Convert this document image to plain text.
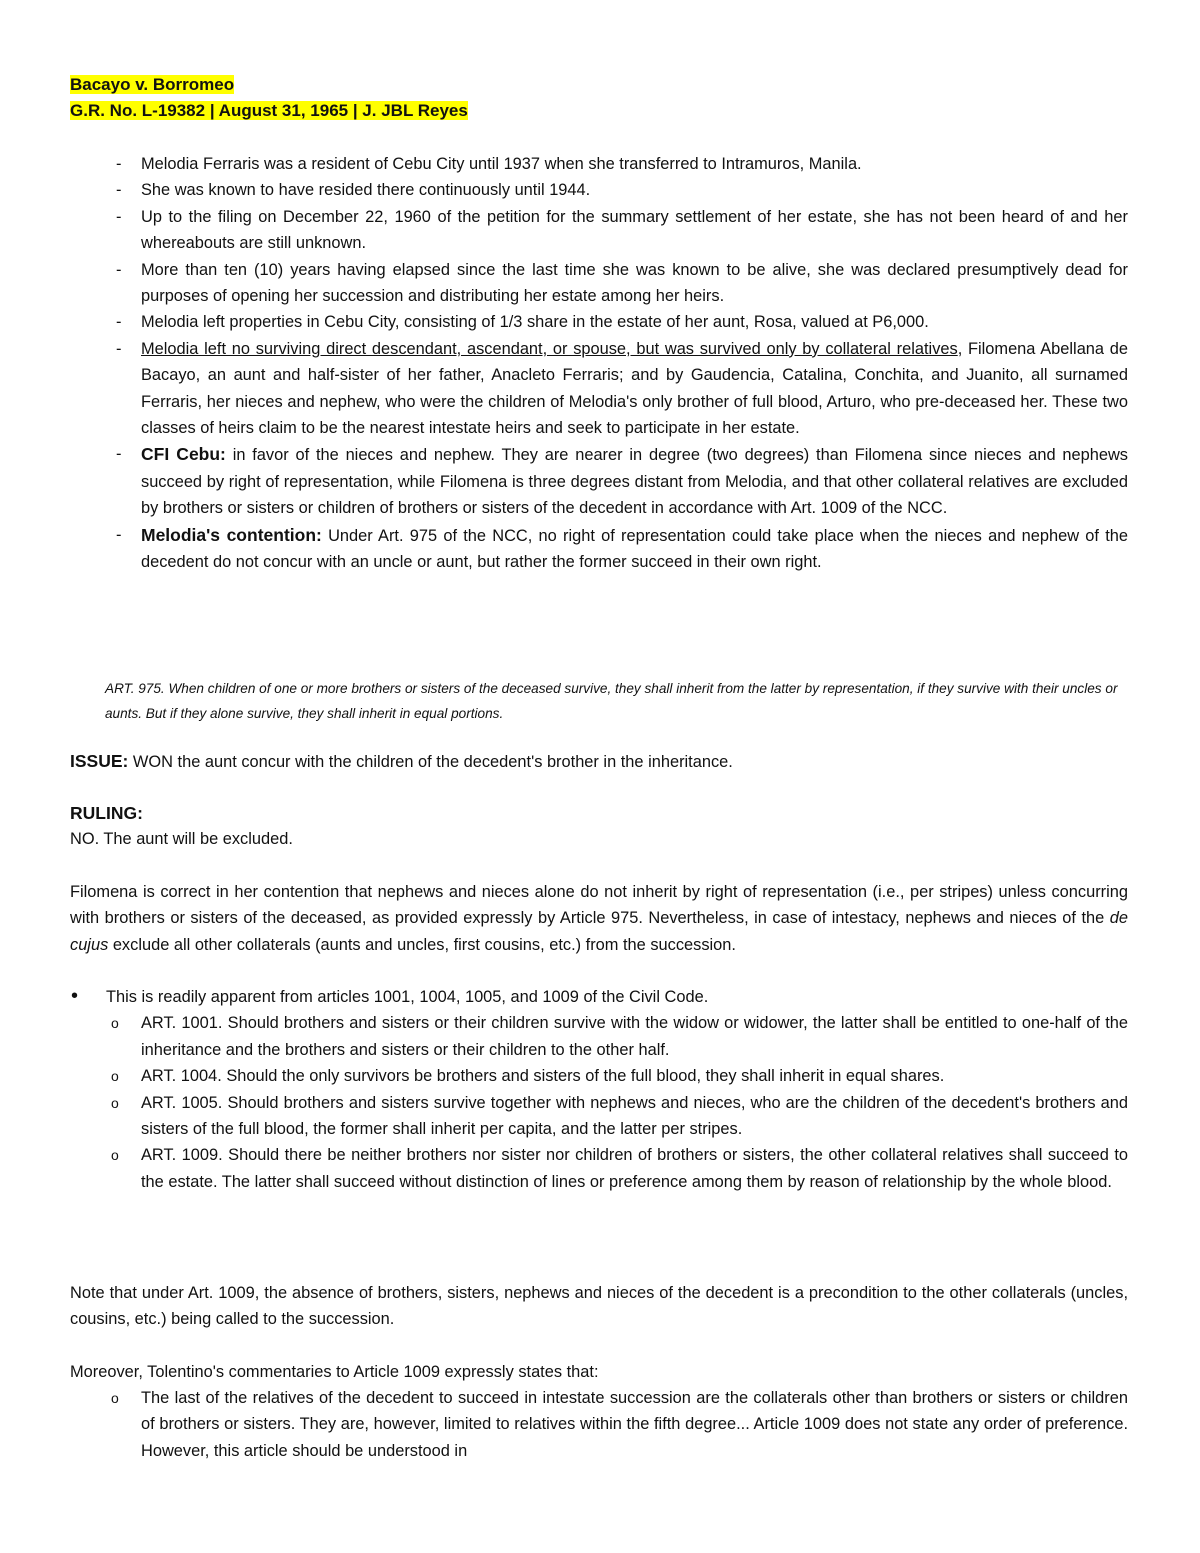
Bacayo v. Borromeo
G.R. No. L-19382 | August 31, 1965 | J. JBL Reyes
- Melodia Ferraris was a resident of Cebu City until 1937 when she transferred to Intramuros, Manila.
- She was known to have resided there continuously until 1944.
- Up to the filing on December 22, 1960 of the petition for the summary settlement of her estate, she has not been heard of and her whereabouts are still unknown.
- More than ten (10) years having elapsed since the last time she was known to be alive, she was declared presumptively dead for purposes of opening her succession and distributing her estate among her heirs.
- Melodia left properties in Cebu City, consisting of 1/3 share in the estate of her aunt, Rosa, valued at P6,000.
- Melodia left no surviving direct descendant, ascendant, or spouse, but was survived only by collateral relatives, Filomena Abellana de Bacayo, an aunt and half-sister of her father, Anacleto Ferraris; and by Gaudencia, Catalina, Conchita, and Juanito, all surnamed Ferraris, her nieces and nephew, who were the children of Melodia's only brother of full blood, Arturo, who pre-deceased her. These two classes of heirs claim to be the nearest intestate heirs and seek to participate in her estate.
- CFI Cebu: in favor of the nieces and nephew. They are nearer in degree (two degrees) than Filomena since nieces and nephews succeed by right of representation, while Filomena is three degrees distant from Melodia, and that other collateral relatives are excluded by brothers or sisters or children of brothers or sisters of the decedent in accordance with Art. 1009 of the NCC.
- Melodia's contention: Under Art. 975 of the NCC, no right of representation could take place when the nieces and nephew of the decedent do not concur with an uncle or aunt, but rather the former succeed in their own right.
ART. 975. When children of one or more brothers or sisters of the deceased survive, they shall inherit from the latter by representation, if they survive with their uncles or aunts. But if they alone survive, they shall inherit in equal portions.
ISSUE: WON the aunt concur with the children of the decedent's brother in the inheritance.
RULING:
NO. The aunt will be excluded.
Filomena is correct in her contention that nephews and nieces alone do not inherit by right of representation (i.e., per stripes) unless concurring with brothers or sisters of the deceased, as provided expressly by Article 975. Nevertheless, in case of intestacy, nephews and nieces of the de cujus exclude all other collaterals (aunts and uncles, first cousins, etc.) from the succession.
• This is readily apparent from articles 1001, 1004, 1005, and 1009 of the Civil Code.
o ART. 1001. Should brothers and sisters or their children survive with the widow or widower, the latter shall be entitled to one-half of the inheritance and the brothers and sisters or their children to the other half.
o ART. 1004. Should the only survivors be brothers and sisters of the full blood, they shall inherit in equal shares.
o ART. 1005. Should brothers and sisters survive together with nephews and nieces, who are the children of the decedent's brothers and sisters of the full blood, the former shall inherit per capita, and the latter per stripes.
o ART. 1009. Should there be neither brothers nor sister nor children of brothers or sisters, the other collateral relatives shall succeed to the estate. The latter shall succeed without distinction of lines or preference among them by reason of relationship by the whole blood.
Note that under Art. 1009, the absence of brothers, sisters, nephews and nieces of the decedent is a precondition to the other collaterals (uncles, cousins, etc.) being called to the succession.
Moreover, Tolentino's commentaries to Article 1009 expressly states that:
o The last of the relatives of the decedent to succeed in intestate succession are the collaterals other than brothers or sisters or children of brothers or sisters. They are, however, limited to relatives within the fifth degree... Article 1009 does not state any order of preference. However, this article should be understood in
